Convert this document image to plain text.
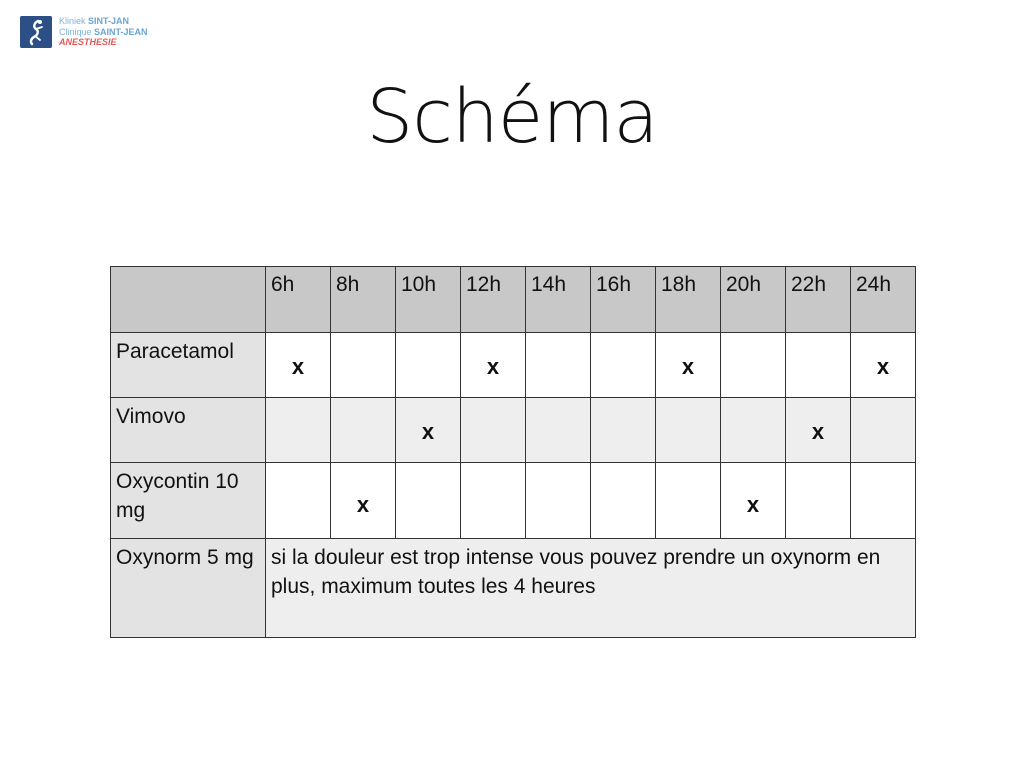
Kliniek SINT-JAN
Clinique SAINT-JEAN
ANESTHESIE
Schéma
	6h	8h	10h	12h	14h	16h	18h	20h	22h	24h
Paracetamol	x			x			x			x
Vimovo			x						x	
Oxycontin 10 mg		x						x		
Oxynorm 5 mg	si la douleur est trop intense vous pouvez prendre un oxynorm en plus, maximum toutes les 4 heures									
